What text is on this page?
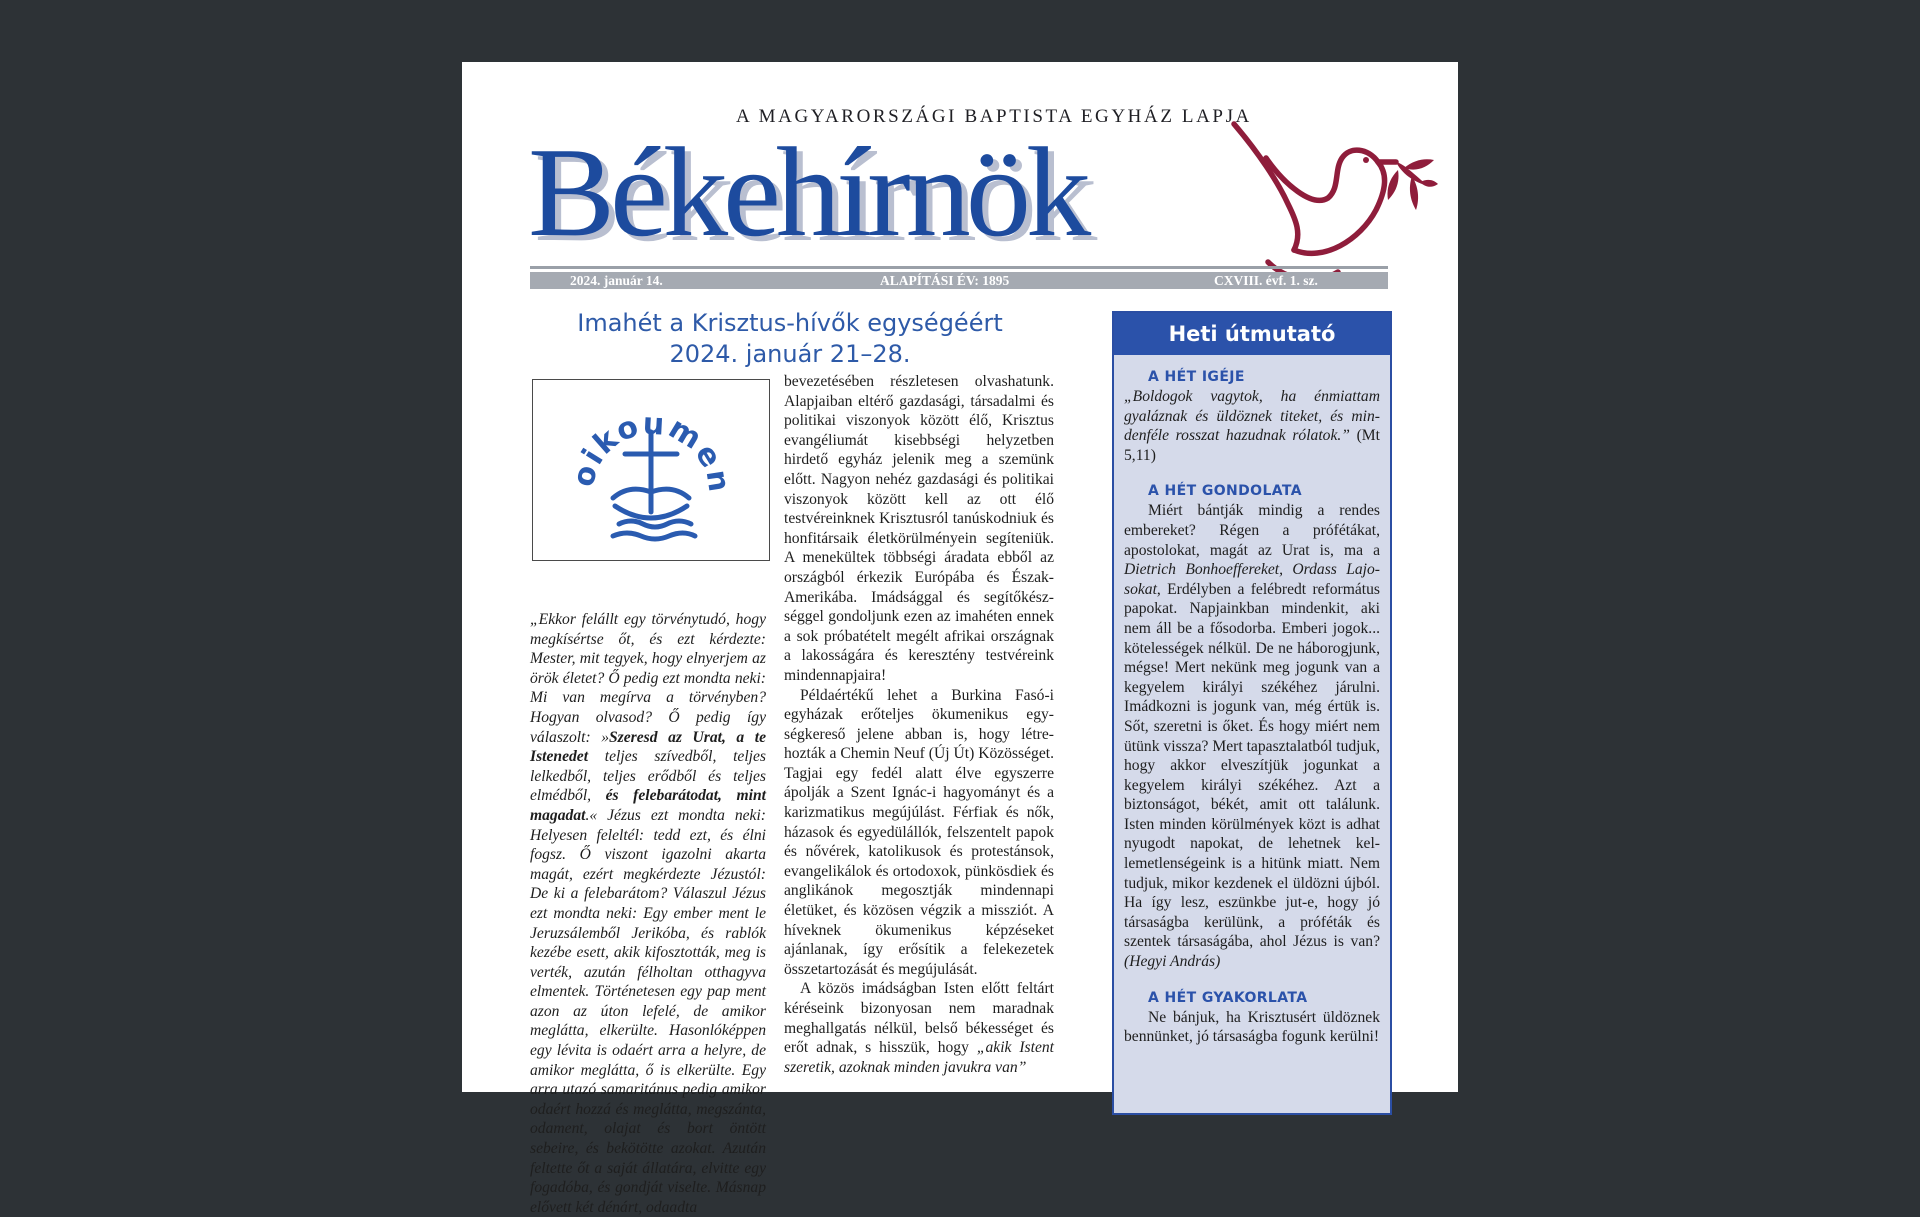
A MAGYARORSZÁGI BAPTISTA EGYHÁZ LAPJA
Békehírnök
2024. január 14.	ALAPÍTÁSI ÉV: 1895	CXVIII. évf. 1. sz.
Imahét a Krisztus-hívők egységéért
2024. január 21–28.
oikoumen

„Ekkor felállt egy törvénytudó, hogy megkísértse őt, és ezt kérdezte: Mester, mit tegyek, hogy elnyerjem az örök életet? Ő pedig ezt mondta neki: Mi van megírva a törvényben? Hogyan olvasod? Ő pedig így válaszolt: »Szeresd az Urat, a te Istenedet teljes szívedből, teljes lelkedből, teljes erődből és teljes elmédből, és felebarátodat, mint magadat.« Jézus ezt mondta neki: Helyesen feleltél: tedd ezt, és élni fogsz. Ő viszont igazolni akarta magát, ezért megkérdezte Jézustól: De ki a felebarátom? Válaszul Jézus ezt mondta neki: Egy ember ment le Jeruzsálemből Jerikóba, és rablók kezébe esett, akik kifosztották, meg is verték, azután félholtan otthagyva elmentek. Történetesen egy pap ment azon az úton lefelé, de amikor meglátta, elkerülte. Hasonlóképpen egy lévita is odaért arra a helyre, de amikor meglátta, ő is elkerülte. Egy arra utazó samaritánus pedig amikor odaért hozzá és meglátta, megszánta, odament, olajat és bort öntött sebeire, és bekötötte azokat. Azután feltette őt a saját állatára, elvitte egy fogadóba, és gondját viselte. Másnap elővett két dénárt, odaadta

bevezetésében részletesen olvashatunk. Alapjaiban eltérő gazdasági, társadalmi és politikai viszonyok között élő, Krisztus evangéliumát kisebbségi helyzetben hirdető egyház jelenik meg a szemünk előtt. Nagyon nehéz gazdasági és politikai viszonyok között kell az ott élő testvéreinknek Krisztusról tanúskodniuk és honfitársaik életkörülményein segíteniük. A menekültek többségi áradata ebből az országból érkezik Európába és Észak-Amerikába. Imádsággal és segítőkészséggel gondoljunk ezen az imahéten ennek a sok próbatételt megélt afrikai országnak a lakosságára és keresztény testvéreink mindennapjaira!

Példaértékű lehet a Burkina Fasó-i egyházak erőteljes ökumenikus egységkereső jelene abban is, hogy létrehozták a Chemin Neuf (Új Út) Közösséget. Tagjai egy fedél alatt élve egyszerre ápolják a Szent Ignác-i hagyományt és a karizmatikus megújúlást. Férfiak és nők, házasok és egyedülállók, felszentelt papok és nővérek, katolikusok és protestánsok, evangelikálok és ortodoxok, pünkösdiek és anglikánok megosztják mindennapi életüket, és közösen végzik a missziót. A híveknek ökumenikus képzéseket ajánlanak, így erősítik a felekezetek összetartozását és megújulását.

A közös imádságban Isten előtt feltárt kéréseink bizonyosan nem maradnak meghallgatás nélkül, belső békességet és erőt adnak, s hisszük, hogy „akik Istent szeretik, azoknak minden javukra van”

Heti útmutató
A HÉT IGÉJE
„Boldogok vagytok, ha énmiattam gyaláznak és üldöznek titeket, és mindenféle rosszat hazudnak rólatok.” (Mt 5,11)
A HÉT GONDOLATA
Miért bántják mindig a rendes embereket? Régen a prófétákat, apostolokat, magát az Urat is, ma a Dietrich Bonhoeffereket, Ordass Lajosokat, Erdélyben a felébredt református papokat. Napjainkban mindenkit, aki nem áll be a fősodorba. Emberi jogok... kötelességek nélkül. De ne háborogjunk, mégse! Mert nekünk meg jogunk van a kegyelem királyi székéhez járulni. Imádkozni is jogunk van, még értük is. Sőt, szeretni is őket. És hogy miért nem ütünk vissza? Mert tapasztalatból tudjuk, hogy akkor elveszítjük jogunkat a kegyelem királyi székéhez. Azt a biztonságot, békét, amit ott találunk. Isten minden körülmények közt is adhat nyugodt napokat, de lehetnek kellemetlenségeink is a hitünk miatt. Nem tudjuk, mikor kezdenek el üldözni újból. Ha így lesz, eszünkbe jut-e, hogy jó társaságba kerülünk, a próféták és szentek társaságába, ahol Jézus is van? (Hegyi András)
A HÉT GYAKORLATA
Ne bánjuk, ha Krisztusért üldöznek bennünket, jó társaságba fogunk kerülni!
